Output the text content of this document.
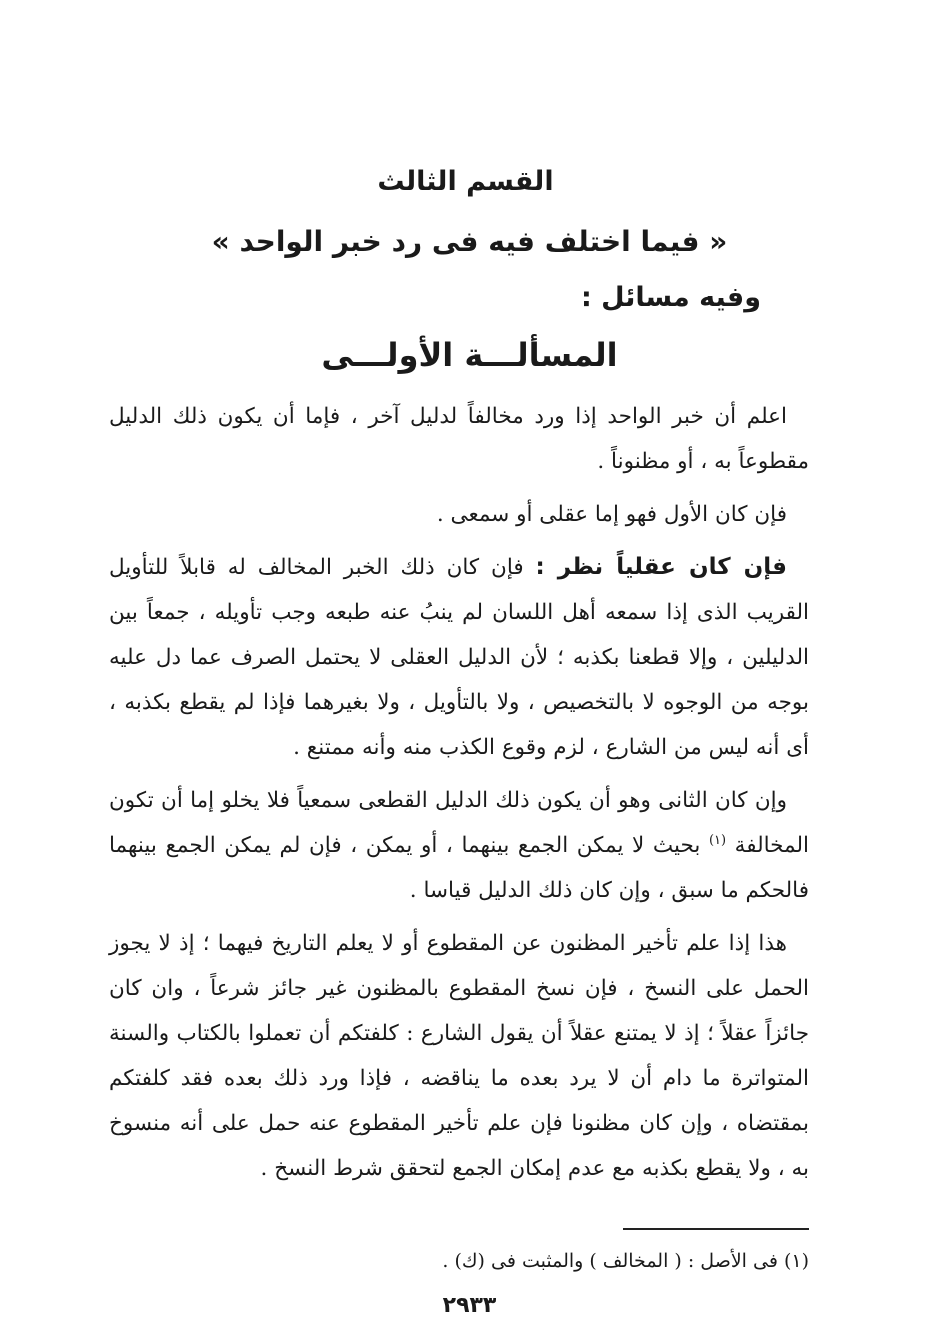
القسم الثالث
« فيما اختلف فيه فى رد خبر الواحد »
وفيه مسائل :
المسألـــة الأولـــى

اعلم أن خبر الواحد إذا ورد مخالفاً لدليل آخر ، فإما أن يكون ذلك الدليل مقطوعاً به ، أو مظنوناً .

فإن كان الأول فهو إما عقلى أو سمعى .

فإن كان عقلياً نظر : فإن كان ذلك الخبر المخالف له قابلاً للتأويل القريب الذى إذا سمعه أهل اللسان لم ينبُ عنه طبعه وجب تأويله ، جمعاً بين الدليلين ، وإلا قطعنا بكذبه ؛ لأن الدليل العقلى لا يحتمل الصرف عما دل عليه بوجه من الوجوه لا بالتخصيص ، ولا بالتأويل ، ولا بغيرهما فإذا لم يقطع بكذبه ، أى أنه ليس من الشارع ، لزم وقوع الكذب منه وأنه ممتنع .

وإن كان الثانى وهو أن يكون ذلك الدليل القطعى سمعياً فلا يخلو إما أن تكون المخالفة $^{(١)}$ بحيث لا يمكن الجمع بينهما ، أو يمكن ، فإن لم يمكن الجمع بينهما فالحكم ما سبق ، وإن كان ذلك الدليل قياسا .

هذا إذا علم تأخير المظنون عن المقطوع أو لا يعلم التاريخ فيهما ؛ إذ لا يجوز الحمل على النسخ ، فإن نسخ المقطوع بالمظنون غير جائز شرعاً ، وان كان جائزاً عقلاً ؛ إذ لا يمتنع عقلاً أن يقول الشارع : كلفتكم أن تعملوا بالكتاب والسنة المتواترة ما دام أن لا يرد بعده ما يناقضه ، فإذا ورد ذلك بعده فقد كلفتكم بمقتضاه ، وإن كان مظنونا فإن علم تأخير المقطوع عنه حمل على أنه منسوخ به ، ولا يقطع بكذبه مع عدم إمكان الجمع لتحقق شرط النسخ .

(١) فى الأصل : ( المخالف ) والمثبت فى (ك) .
٢٩٣٣
